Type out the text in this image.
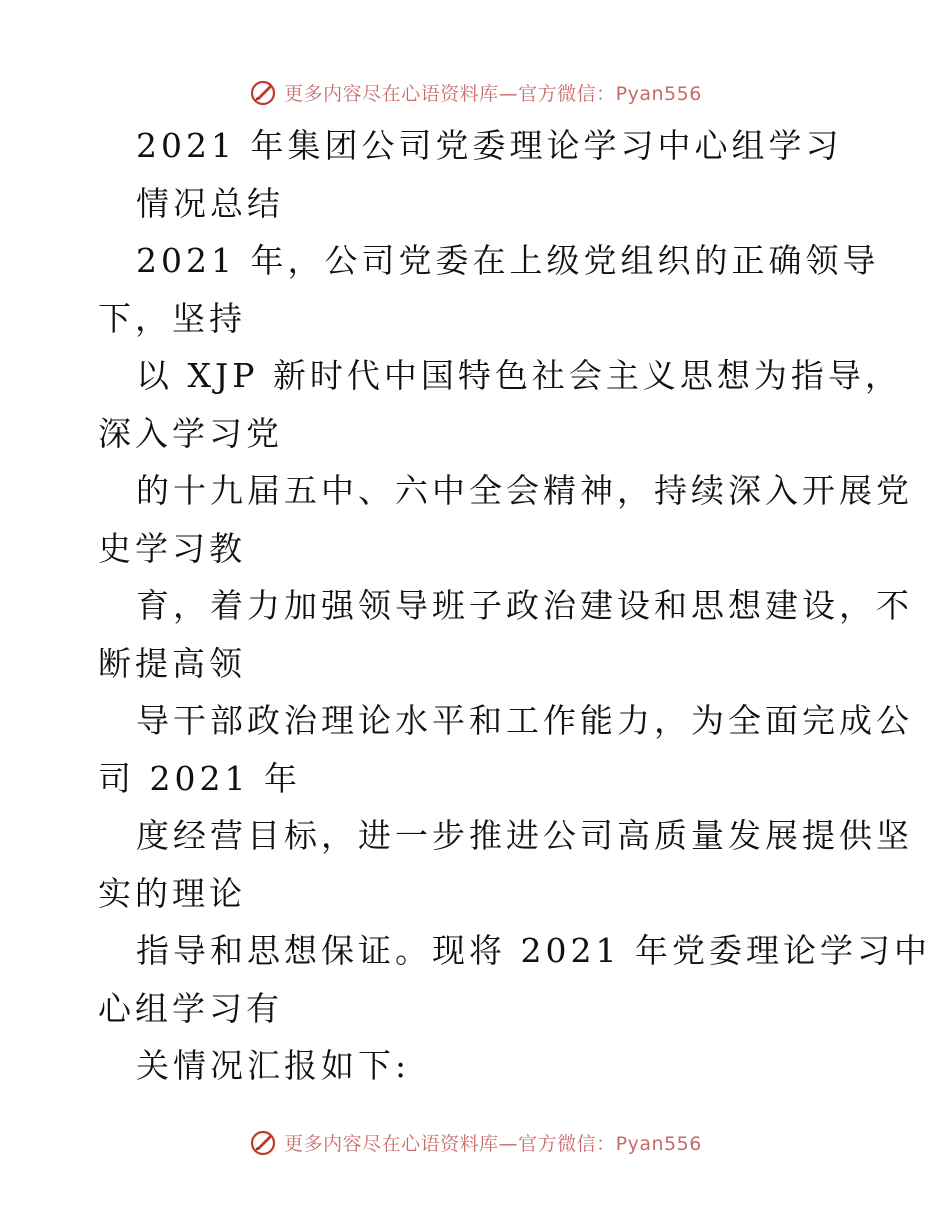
更多内容尽在心语资料库—官方微信：Pyan556
2021 年集团公司党委理论学习中心组学习
情况总结
2021 年，公司党委在上级党组织的正确领导
下，坚持
以 XJP 新时代中国特色社会主义思想为指导，
深入学习党
的十九届五中、六中全会精神，持续深入开展党
史学习教
育，着力加强领导班子政治建设和思想建设，不
断提高领
导干部政治理论水平和工作能力，为全面完成公
司 2021 年
度经营目标，进一步推进公司高质量发展提供坚
实的理论
指导和思想保证。现将 2021 年党委理论学习中
心组学习有
关情况汇报如下:
更多内容尽在心语资料库—官方微信：Pyan556
